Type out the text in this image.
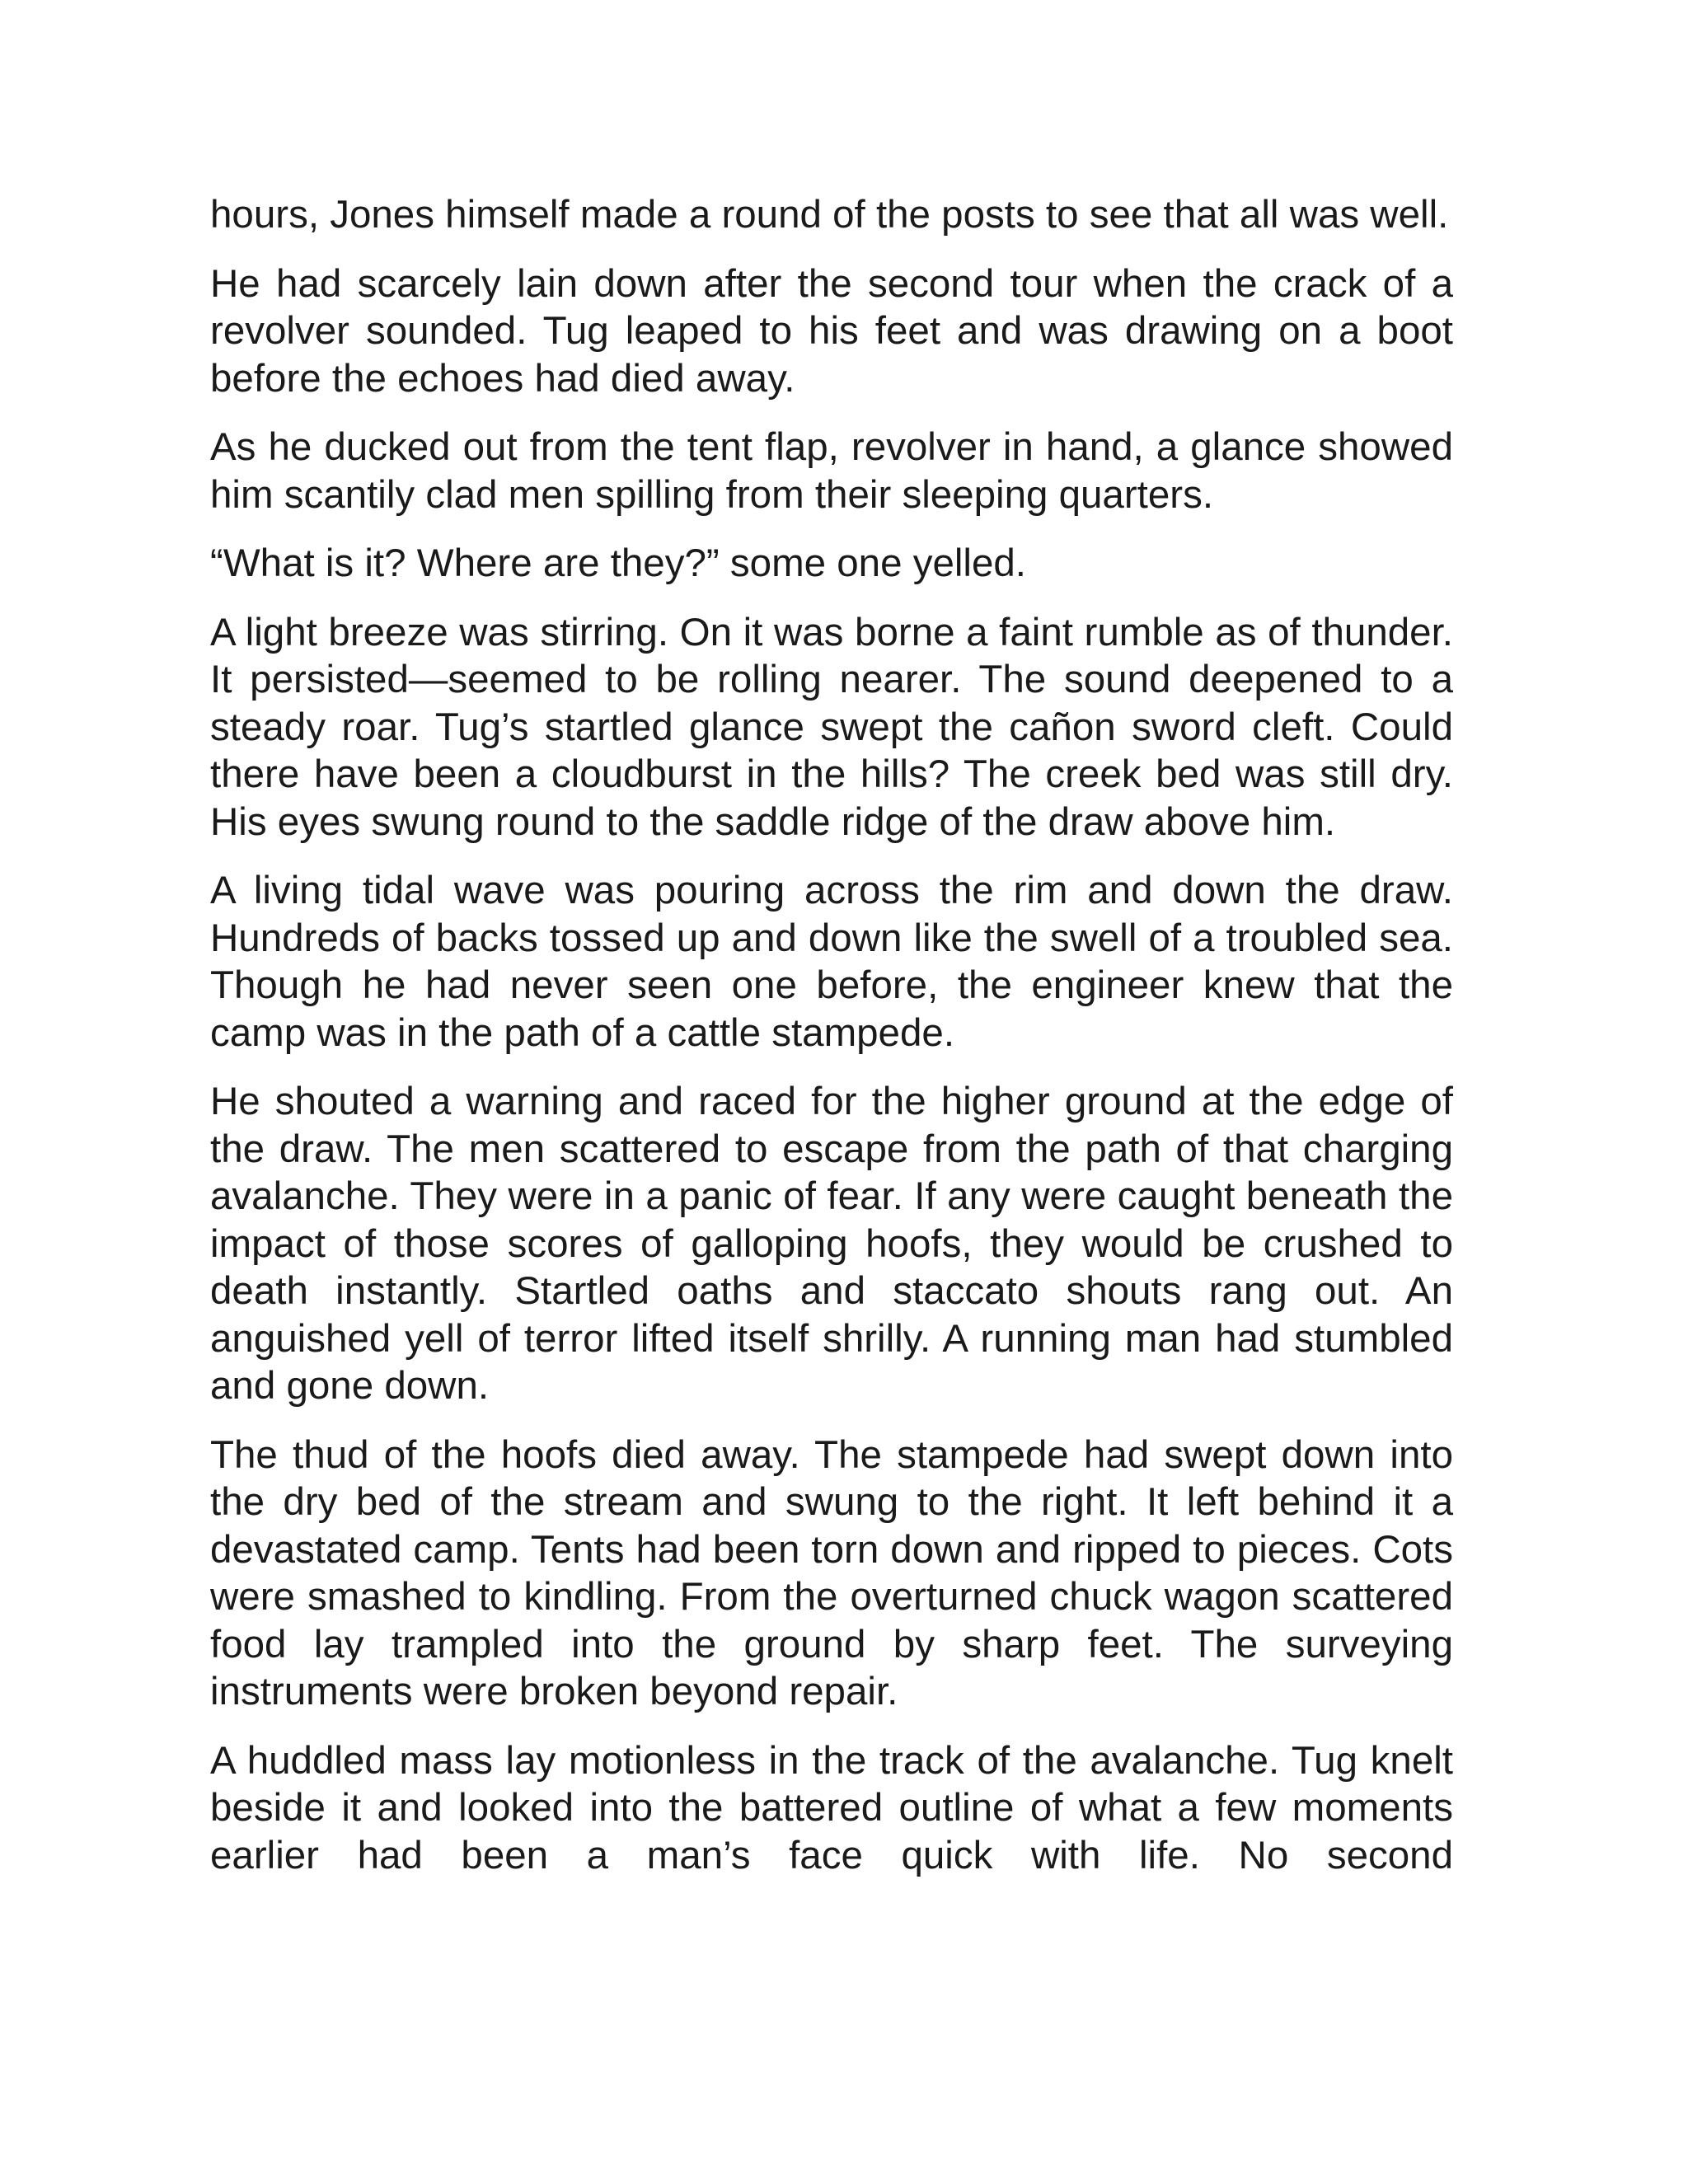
hours, Jones himself made a round of the posts to see that all was well.

He had scarcely lain down after the second tour when the crack of a revolver sounded. Tug leaped to his feet and was drawing on a boot before the echoes had died away.

As he ducked out from the tent flap, revolver in hand, a glance showed him scantily clad men spilling from their sleeping quarters.

“What is it? Where are they?” some one yelled.

A light breeze was stirring. On it was borne a faint rumble as of thunder. It persisted—seemed to be rolling nearer. The sound deepened to a steady roar. Tug’s startled glance swept the cañon sword cleft. Could there have been a cloudburst in the hills? The creek bed was still dry. His eyes swung round to the saddle ridge of the draw above him.

A living tidal wave was pouring across the rim and down the draw. Hundreds of backs tossed up and down like the swell of a troubled sea. Though he had never seen one before, the engineer knew that the camp was in the path of a cattle stampede.

He shouted a warning and raced for the higher ground at the edge of the draw. The men scattered to escape from the path of that charging avalanche. They were in a panic of fear. If any were caught beneath the impact of those scores of galloping hoofs, they would be crushed to death instantly. Startled oaths and staccato shouts rang out. An anguished yell of terror lifted itself shrilly. A running man had stumbled and gone down.

The thud of the hoofs died away. The stampede had swept down into the dry bed of the stream and swung to the right. It left behind it a devastated camp. Tents had been torn down and ripped to pieces. Cots were smashed to kindling. From the overturned chuck wagon scattered food lay trampled into the ground by sharp feet. The surveying instruments were broken beyond repair.

A huddled mass lay motionless in the track of the avalanche. Tug knelt beside it and looked into the battered outline of what a few moments earlier had been a man’s face quick with life. No second
